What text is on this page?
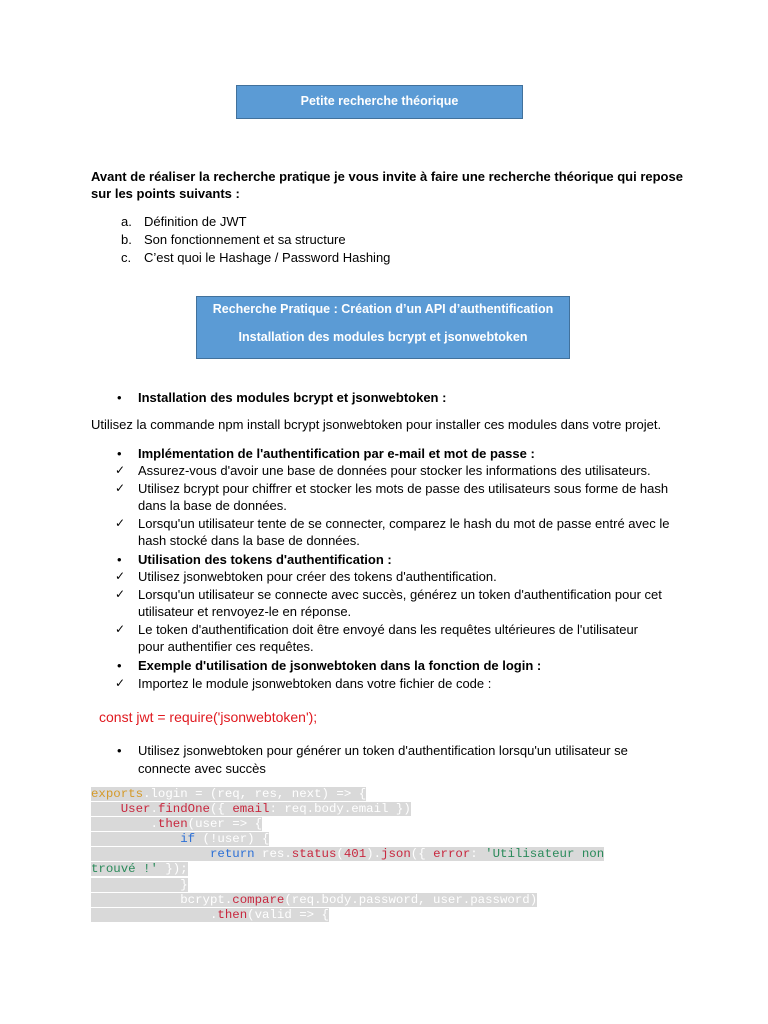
Petite recherche théorique
Avant de réaliser la recherche pratique je vous invite à faire une recherche théorique qui repose
sur les points suivants :
a. Définition de JWT
b. Son fonctionnement et sa structure
c. C’est quoi le Hashage / Password Hashing
Recherche Pratique : Création d’un API d’authentification
Installation des modules bcrypt et jsonwebtoken
• Installation des modules bcrypt et jsonwebtoken :
Utilisez la commande npm install bcrypt jsonwebtoken pour installer ces modules dans votre projet.
• Implémentation de l'authentification par e-mail et mot de passe :
✓ Assurez-vous d'avoir une base de données pour stocker les informations des utilisateurs.
✓ Utilisez bcrypt pour chiffrer et stocker les mots de passe des utilisateurs sous forme de hash
dans la base de données.
✓ Lorsqu'un utilisateur tente de se connecter, comparez le hash du mot de passe entré avec le
hash stocké dans la base de données.
• Utilisation des tokens d'authentification :
✓ Utilisez jsonwebtoken pour créer des tokens d'authentification.
✓ Lorsqu'un utilisateur se connecte avec succès, générez un token d'authentification pour cet
utilisateur et renvoyez-le en réponse.
✓ Le token d'authentification doit être envoyé dans les requêtes ultérieures de l'utilisateur
pour authentifier ces requêtes.
• Exemple d'utilisation de jsonwebtoken dans la fonction de login :
✓ Importez le module jsonwebtoken dans votre fichier de code :
const jwt = require('jsonwebtoken');
• Utilisez jsonwebtoken pour générer un token d'authentification lorsqu'un utilisateur se
connecte avec succès
exports.login = (req, res, next) => {
User.findOne({ email: req.body.email })
.then(user => {
if (!user) {
return res.status(401).json({ error: 'Utilisateur non
trouvé !' });
}
bcrypt.compare(req.body.password, user.password)
.then(valid => {
